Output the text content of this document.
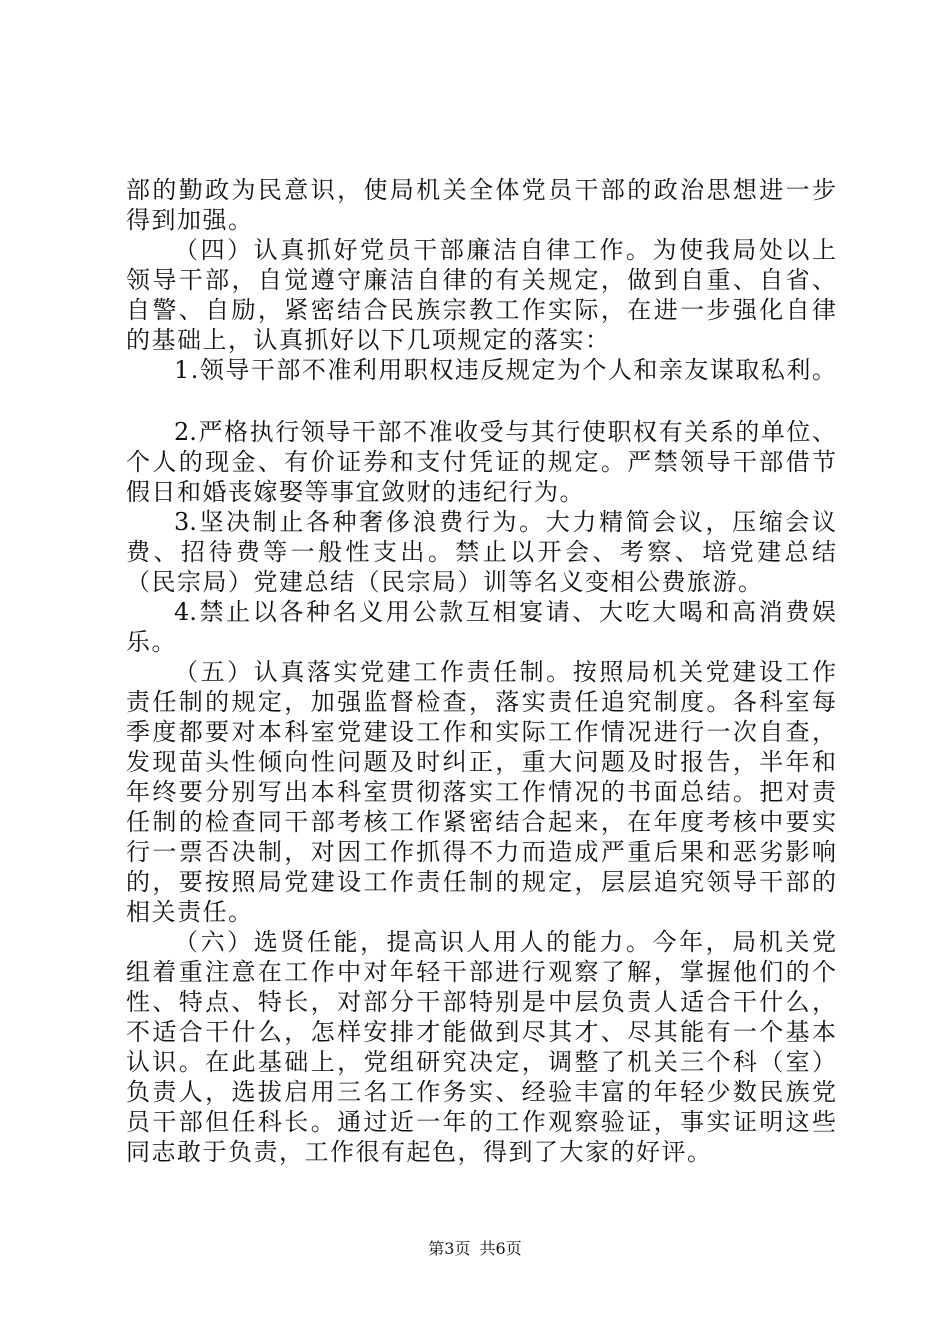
部的勤政为民意识，使局机关全体党员干部的政治思想进一步
得到加强。
（四）认真抓好党员干部廉洁自律工作。为使我局处以上
领导干部，自觉遵守廉洁自律的有关规定，做到自重、自省、
自警、自励，紧密结合民族宗教工作实际，在进一步强化自律
的基础上，认真抓好以下几项规定的落实：
1.领导干部不准利用职权违反规定为个人和亲友谋取私利。
2.严格执行领导干部不准收受与其行使职权有关系的单位、
个人的现金、有价证券和支付凭证的规定。严禁领导干部借节
假日和婚丧嫁娶等事宜敛财的违纪行为。
3.坚决制止各种奢侈浪费行为。大力精简会议，压缩会议
费、招待费等一般性支出。禁止以开会、考察、培党建总结
（民宗局）党建总结（民宗局）训等名义变相公费旅游。
4.禁止以各种名义用公款互相宴请、大吃大喝和高消费娱
乐。
（五）认真落实党建工作责任制。按照局机关党建设工作
责任制的规定，加强监督检查，落实责任追究制度。各科室每
季度都要对本科室党建设工作和实际工作情况进行一次自查，
发现苗头性倾向性问题及时纠正，重大问题及时报告，半年和
年终要分别写出本科室贯彻落实工作情况的书面总结。把对责
任制的检查同干部考核工作紧密结合起来，在年度考核中要实
行一票否决制，对因工作抓得不力而造成严重后果和恶劣影响
的，要按照局党建设工作责任制的规定，层层追究领导干部的
相关责任。
（六）选贤任能，提高识人用人的能力。今年，局机关党
组着重注意在工作中对年轻干部进行观察了解，掌握他们的个
性、特点、特长，对部分干部特别是中层负责人适合干什么，
不适合干什么，怎样安排才能做到尽其才、尽其能有一个基本
认识。在此基础上，党组研究决定，调整了机关三个科（室）
负责人，选拔启用三名工作务实、经验丰富的年轻少数民族党
员干部但任科长。通过近一年的工作观察验证，事实证明这些
同志敢于负责，工作很有起色，得到了大家的好评。
第3页 共6页
